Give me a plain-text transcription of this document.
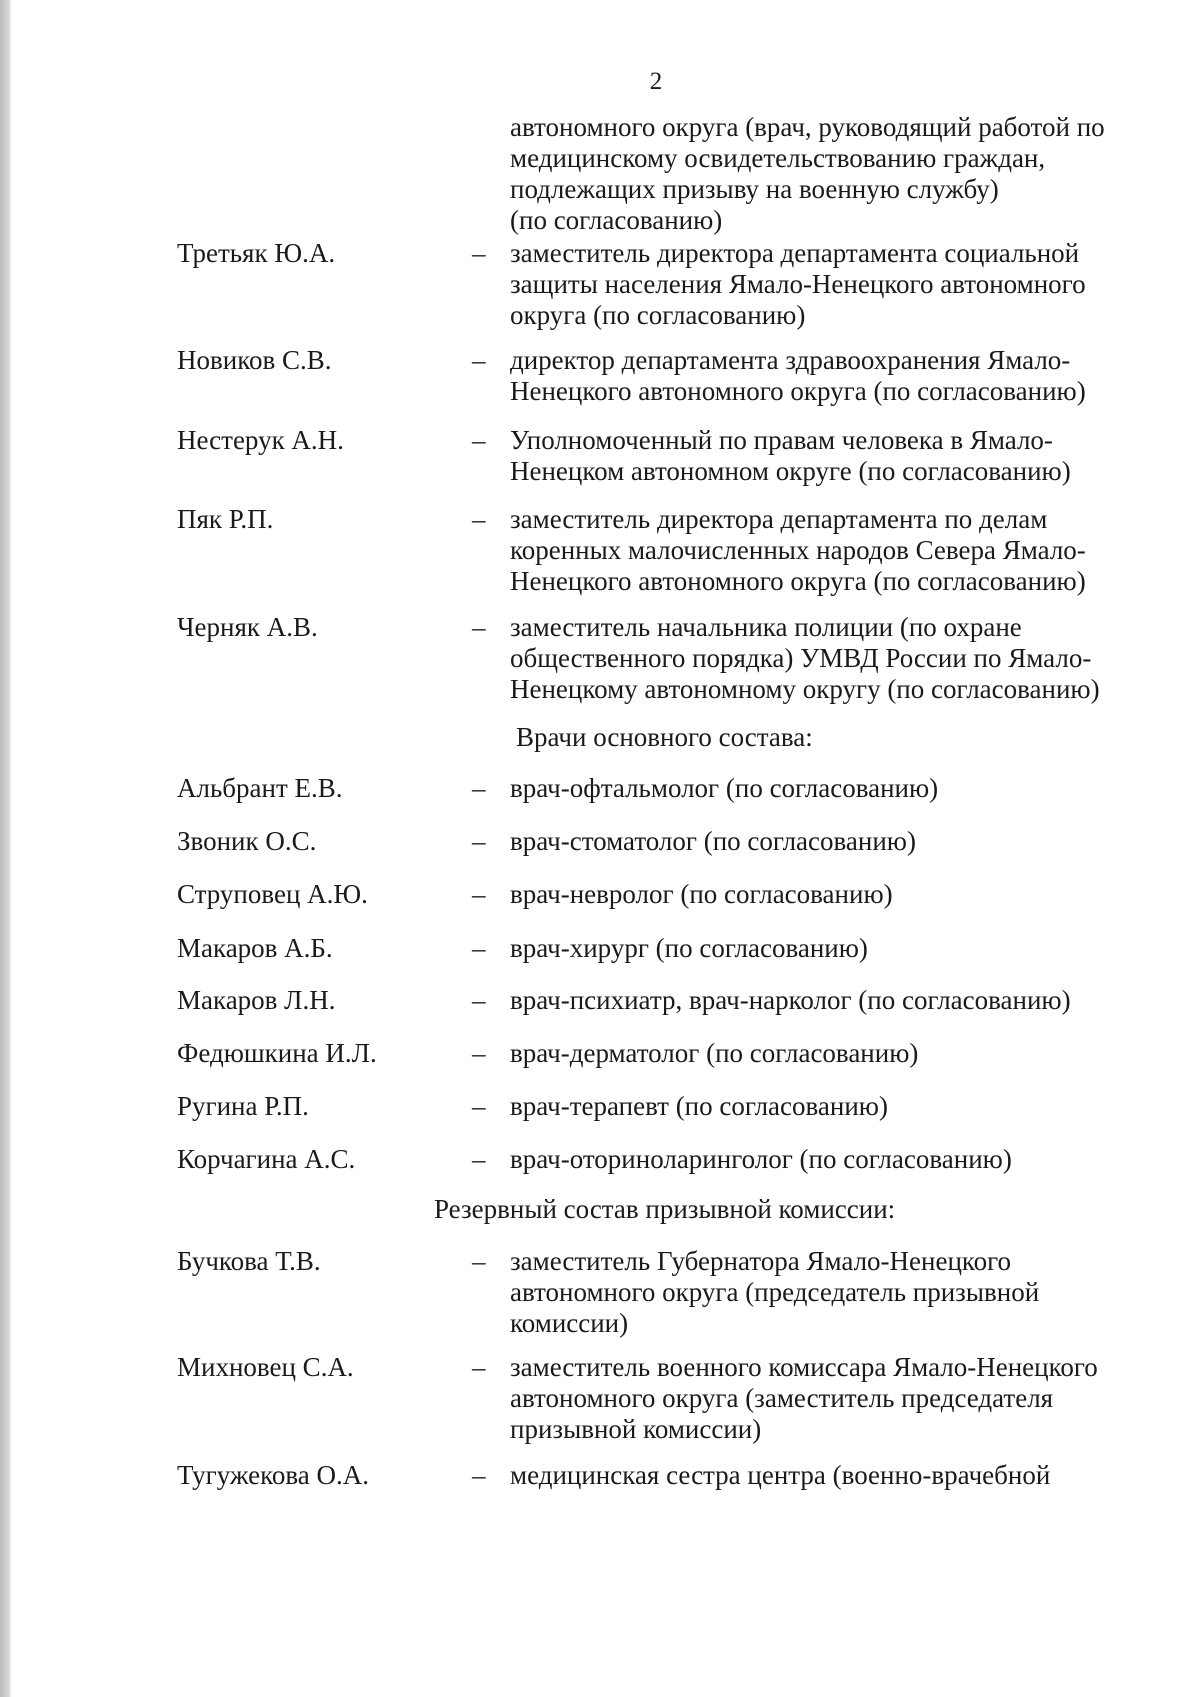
2
автономного округа (врач, руководящий работой по
медицинскому освидетельствованию граждан,
подлежащих призыву на военную службу)
(по согласованию)
Третьяк Ю.А.	– заместитель директора департамента социальной
защиты населения Ямало-Ненецкого автономного
округа (по согласованию)
Новиков С.В.	– директор департамента здравоохранения Ямало-
Ненецкого автономного округа (по согласованию)
Нестерук А.Н.	– Уполномоченный по правам человека в Ямало-
Ненецком автономном округе (по согласованию)
Пяк Р.П.	– заместитель директора департамента по делам
коренных малочисленных народов Севера Ямало-
Ненецкого автономного округа (по согласованию)
Черняк А.В.	– заместитель начальника полиции (по охране
общественного порядка) УМВД России по Ямало-
Ненецкому автономному округу (по согласованию)
Врачи основного состава:
Альбрант Е.В.	– врач-офтальмолог (по согласованию)
Звоник О.С.	– врач-стоматолог (по согласованию)
Струповец А.Ю.	– врач-невролог (по согласованию)
Макаров А.Б.	– врач-хирург (по согласованию)
Макаров Л.Н.	– врач-психиатр, врач-нарколог (по согласованию)
Федюшкина И.Л.	– врач-дерматолог (по согласованию)
Ругина Р.П.	– врач-терапевт (по согласованию)
Корчагина А.С.	– врач-оториноларинголог (по согласованию)
Резервный состав призывной комиссии:
Бучкова Т.В.	– заместитель Губернатора Ямало-Ненецкого
автономного округа (председатель призывной
комиссии)
Михновец С.А.	– заместитель военного комиссара Ямало-Ненецкого
автономного округа (заместитель председателя
призывной комиссии)
Тугужекова О.А.	– медицинская сестра центра (военно-врачебной
